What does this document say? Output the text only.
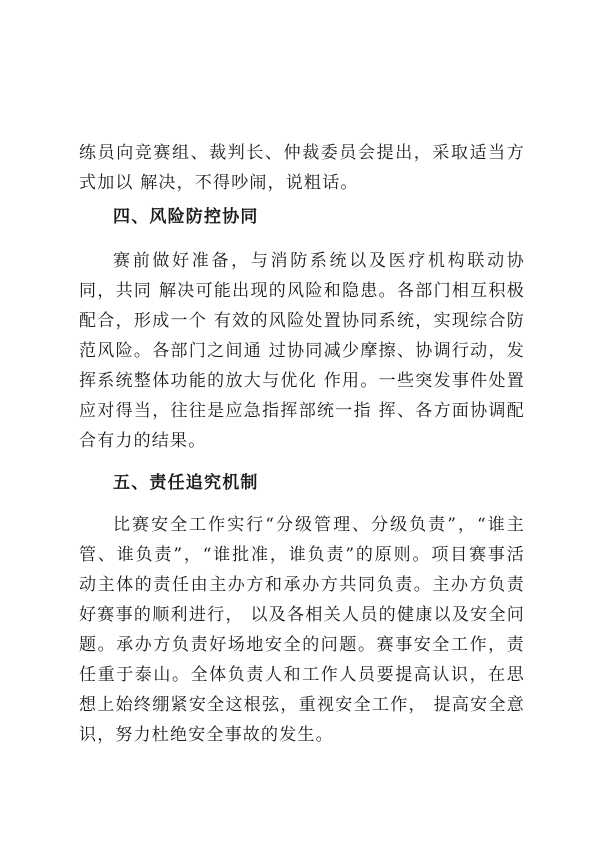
练员向竞赛组、裁判长、仲裁委员会提出，采取适当方式加以 解决，不得吵闹，说粗话。

四、风险防控协同

赛前做好准备，与消防系统以及医疗机构联动协同，共同 解决可能出现的风险和隐患。各部门相互积极配合，形成一个 有效的风险处置协同系统，实现综合防范风险。各部门之间通 过协同减少摩擦、协调行动，发挥系统整体功能的放大与优化 作用。一些突发事件处置应对得当，往往是应急指挥部统一指 挥、各方面协调配合有力的结果。

五、责任追究机制

比赛安全工作实行“分级管理、分级负责”，“谁主管、谁负责”，“谁批准，谁负责”的原则。项目赛事活动主体的责任由主办方和承办方共同负责。主办方负责好赛事的顺利进行， 以及各相关人员的健康以及安全问题。承办方负责好场地安全的问题。赛事安全工作，责任重于泰山。全体负责人和工作人员要提高认识，在思想上始终绷紧安全这根弦，重视安全工作， 提高安全意识，努力杜绝安全事故的发生。
